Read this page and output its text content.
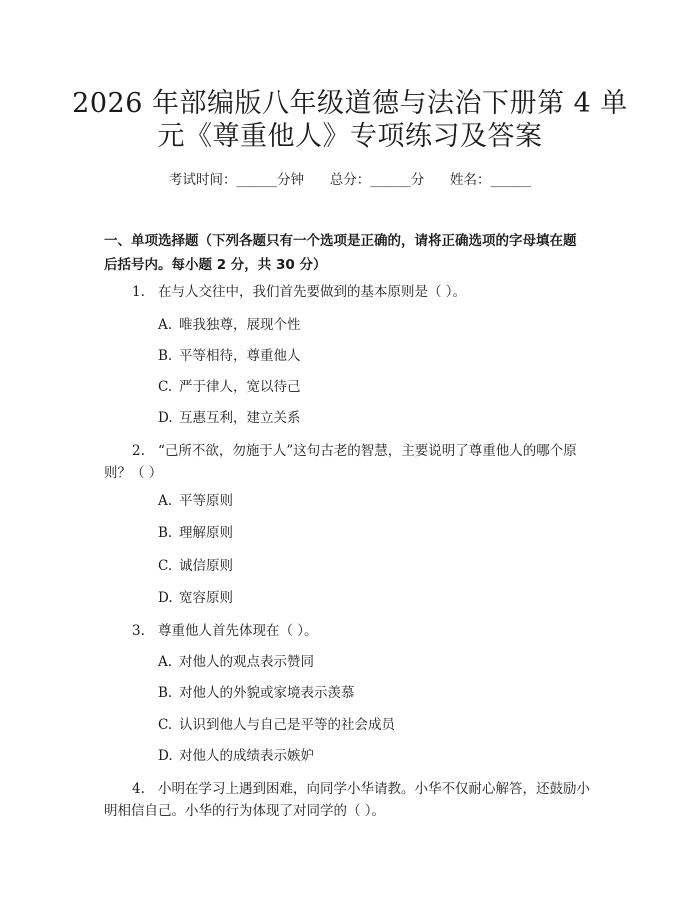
2026 年部编版八年级道德与法治下册第 4 单
元《尊重他人》专项练习及答案
考试时间：______分钟      总分：______分      姓名：______
一、单项选择题（下列各题只有一个选项是正确的，请将正确选项的字母填在题
后括号内。每小题 2 分，共 30 分）
1. 在与人交往中，我们首先要做到的基本原则是（ ）。
A. 唯我独尊，展现个性
B. 平等相待，尊重他人
C. 严于律人，宽以待己
D. 互惠互利，建立关系
2. “己所不欲，勿施于人”这句古老的智慧，主要说明了尊重他人的哪个原
则？（ ）
A. 平等原则
B. 理解原则
C. 诚信原则
D. 宽容原则
3. 尊重他人首先体现在（ ）。
A. 对他人的观点表示赞同
B. 对他人的外貌或家境表示羡慕
C. 认识到他人与自己是平等的社会成员
D. 对他人的成绩表示嫉妒
4. 小明在学习上遇到困难，向同学小华请教。小华不仅耐心解答，还鼓励小
明相信自己。小华的行为体现了对同学的（ ）。
